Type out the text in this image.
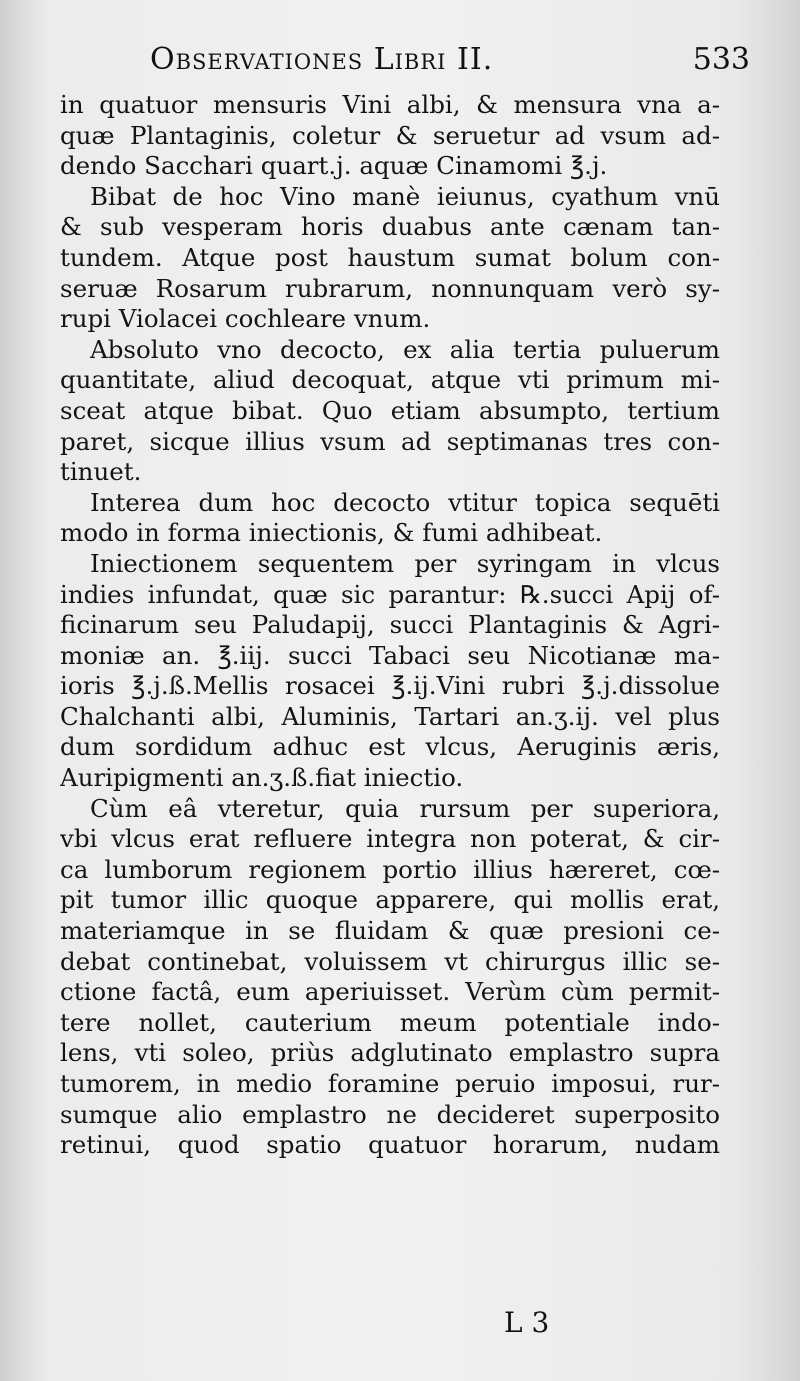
Observationes Libri II.	533
in quatuor mensuris Vini albi, & mensura vna a-
quæ Plantaginis, coletur & seruetur ad vsum ad-
dendo Sacchari quart.j. aquæ Cinamomi ℥.j.
Bibat de hoc Vino manè ieiunus, cyathum vnū
& sub vesperam horis duabus ante cænam tan-
tundem. Atque post haustum sumat bolum con-
seruæ Rosarum rubrarum, nonnunquam verò sy-
rupi Violacei cochleare vnum.
Absoluto vno decocto, ex alia tertia puluerum
quantitate, aliud decoquat, atque vti primum mi-
sceat atque bibat. Quo etiam absumpto, tertium
paret, sicque illius vsum ad septimanas tres con-
tinuet.
Interea dum hoc decocto vtitur topica sequēti
modo in forma iniectionis, & fumi adhibeat.
Iniectionem sequentem per syringam in vlcus
indies infundat, quæ sic parantur: ℞.succi Apij of-
ficinarum seu Paludapij, succi Plantaginis & Agri-
moniæ an. ℥.iij. succi Tabaci seu Nicotianæ ma-
ioris ℥.j.ß.Mellis rosacei ℥.ij.Vini rubri ℥.j.dissolue
Chalchanti albi, Aluminis, Tartari an.ʒ.ij. vel plus
dum sordidum adhuc est vlcus, Aeruginis æris,
Auripigmenti an.ʒ.ß.fiat iniectio.
Cùm eâ vteretur, quia rursum per superiora,
vbi vlcus erat refluere integra non poterat, & cir-
ca lumborum regionem portio illius hæreret, cœ-
pit tumor illic quoque apparere, qui mollis erat,
materiamque in se fluidam & quæ presioni ce-
debat continebat, voluissem vt chirurgus illic se-
ctione factâ, eum aperiuisset. Verùm cùm permit-
tere nollet, cauterium meum potentiale indo-
lens, vti soleo, priùs adglutinato emplastro supra
tumorem, in medio foramine peruio imposui, rur-
sumque alio emplastro ne decideret superposito
retinui, quod spatio quatuor horarum, nudam
L 3
